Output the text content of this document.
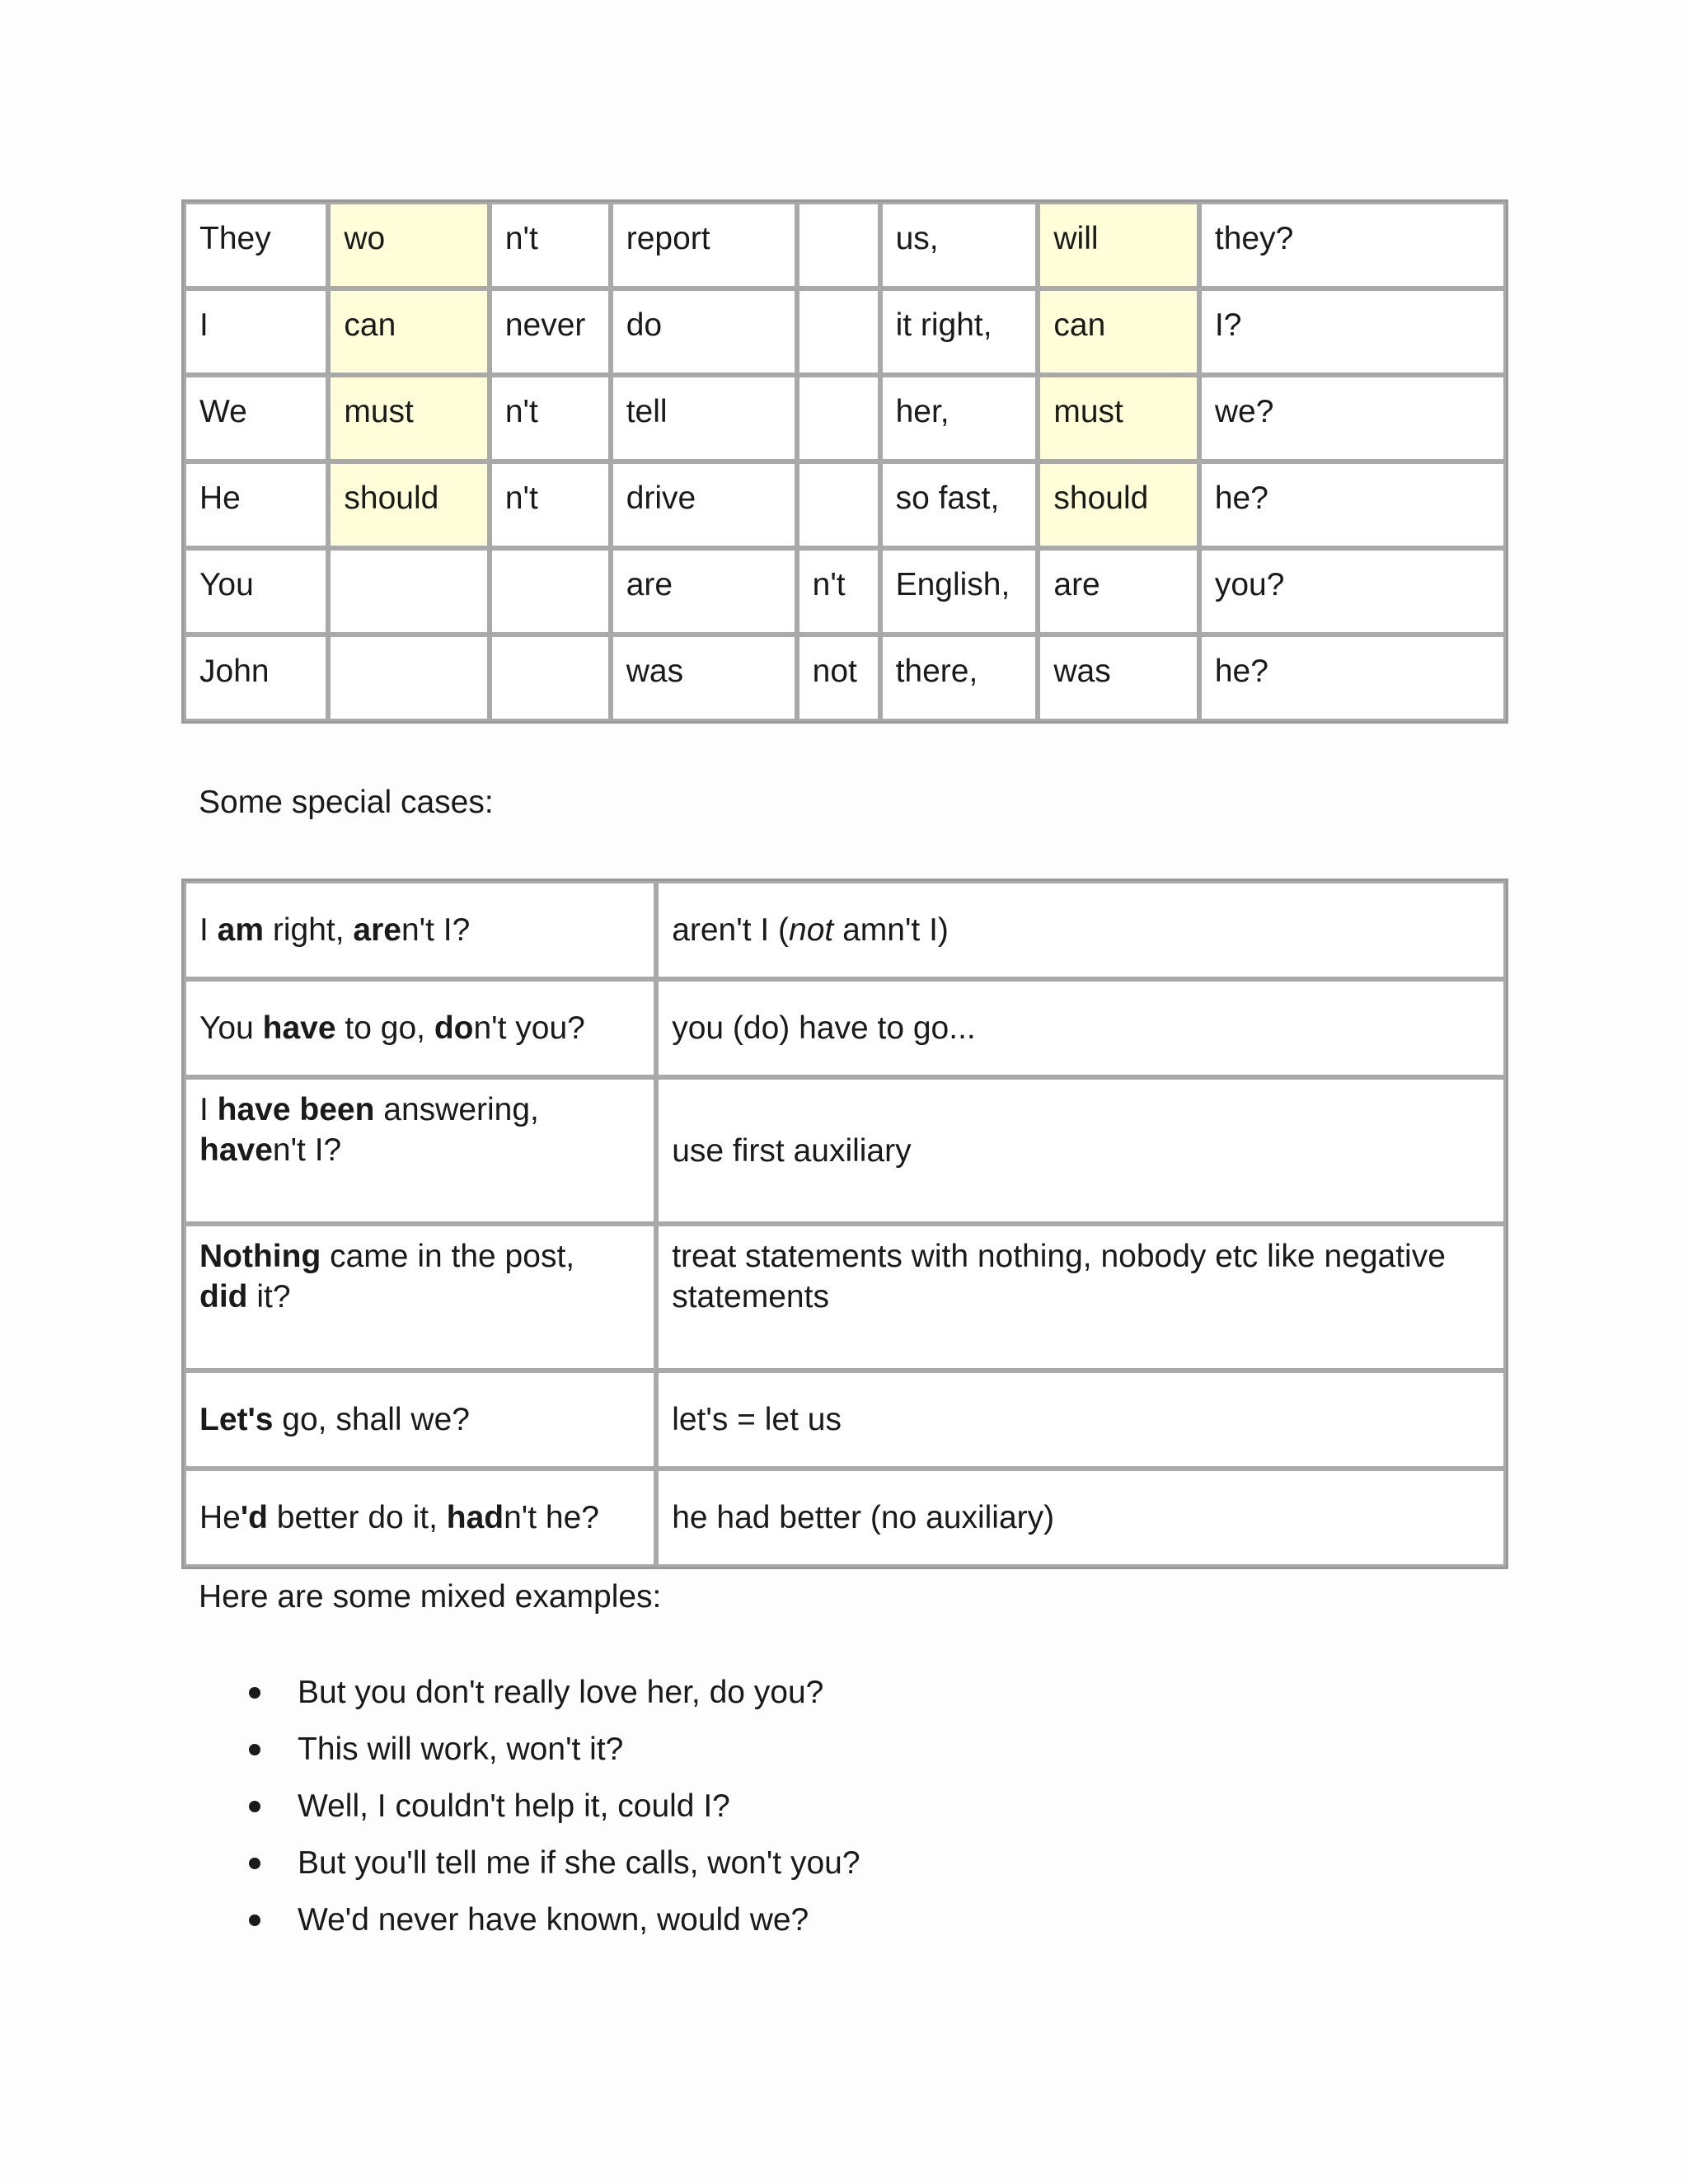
They	wo	n't	report		us,	will	they?
I	can	never	do		it right,	can	I?
We	must	n't	tell		her,	must	we?
He	should	n't	drive		so fast,	should	he?
You			are	n't	English,	are	you?
John			was	not	there,	was	he?
Some special cases:
I am right, aren't I?	aren't I (not amn't I)
You have to go, don't you?	you (do) have to go...

I have been answering,
haven't I?	use first auxiliary

Nothing came in the post,
did it?	treat statements with nothing, nobody etc like negative
statements

Let's go, shall we?	let's = let us
He'd better do it, hadn't he?	he had better (no auxiliary)
Here are some mixed examples:
But you don't really love her, do you?
This will work, won't it?
Well, I couldn't help it, could I?
But you'll tell me if she calls, won't you?
We'd never have known, would we?
